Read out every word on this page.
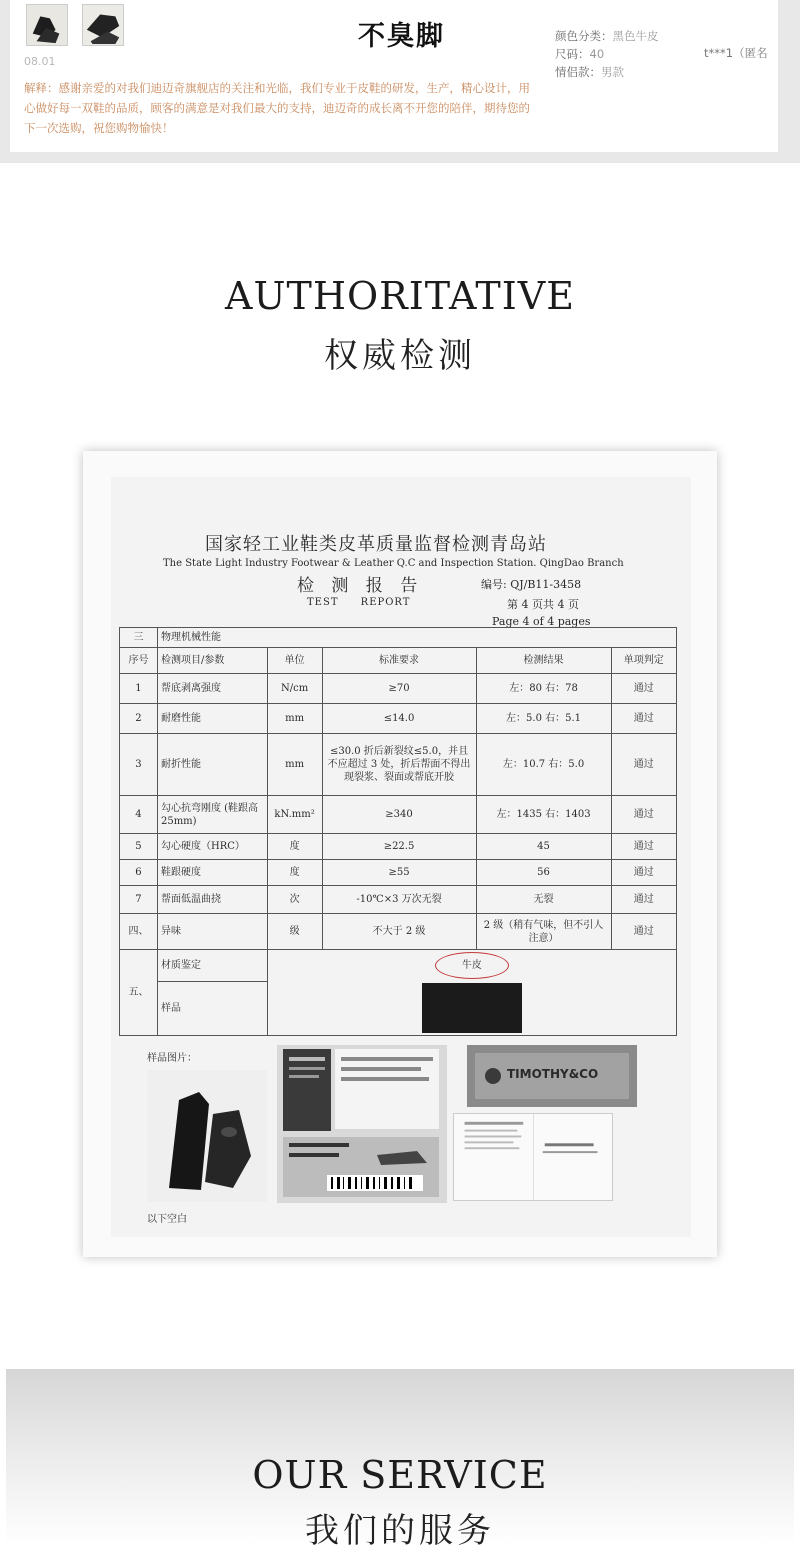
不臭脚
08.01
解释：感谢亲爱的对我们迪迈奇旗舰店的关注和光临，我们专业于皮鞋的研发，生产，精心设计，用心做好每一双鞋的品质，顾客的满意是对我们最大的支持，迪迈奇的成长离不开您的陪伴，期待您的下一次选购，祝您购物愉快！
颜色分类：黑色牛皮
尺码：40
情侣款：男款
t***1（匿名
AUTHORITATIVE
权威检测
国家轻工业鞋类皮革质量监督检测青岛站
The State Light Industry Footwear & Leather Q.C and Inspection Station. QingDao Branch
检 测 报 告	编号: QJ/B11-3458
TEST REPORT	第 4 页共 4 页
Page 4 of 4 pages
三	物理机械性能				
序号	检测项目/参数	单位	标准要求	检测结果	单项判定
1	帮底剥离强度	N/cm	≥70	左：80 右：78	通过
2	耐磨性能	mm	≤14.0	左：5.0 右：5.1	通过
3	耐折性能	mm	≤30.0 折后新裂纹≤5.0，并且不应超过 3 处，折后帮面不得出现裂浆、裂面或帮底开胶	左：10.7 右：5.0	通过
4	勾心抗弯刚度 (鞋跟高 25mm)	kN.mm²	≥340	左：1435 右：1403	通过
5	勾心硬度（HRC）	度	≥22.5	45	通过
6	鞋跟硬度	度	≥55	56	通过
7	帮面低温曲挠	次	-10℃×3 万次无裂	无裂	通过
四、	异味	级	不大于 2 级	2 级（稍有气味，但不引人注意）	通过
五、	材质鉴定	牛皮			
	样品				
样品图片：
TIMOTHY&CO
以下空白
OUR SERVICE
我们的服务
